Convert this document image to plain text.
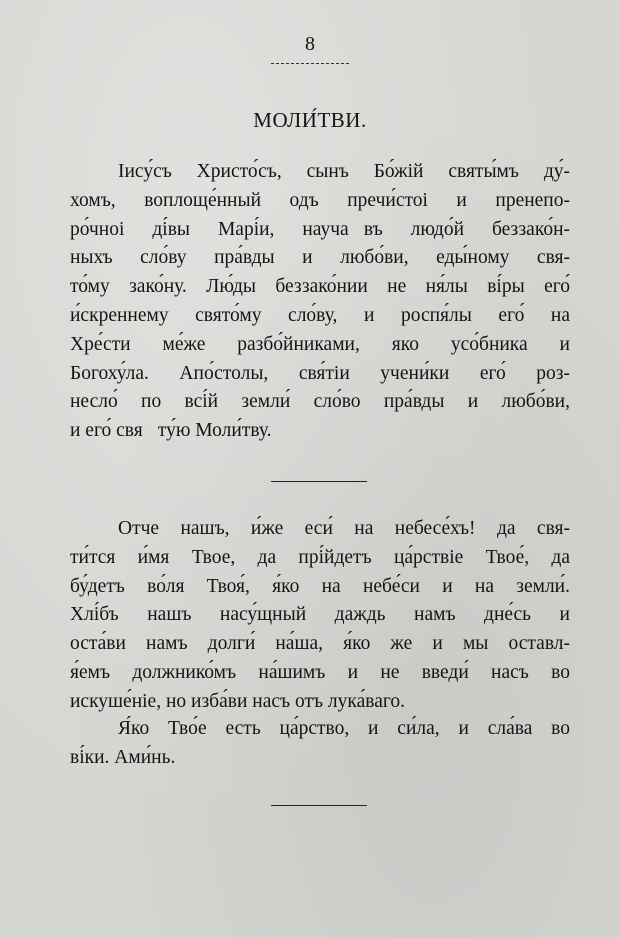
8
МОЛИ́ТВИ.
Іису́съ Христо́съ, сынъ Бо́жій святы́мъ ду́-
хомъ, воплоще́нный одъ пречи́стоі и пренепо-
ро́чноі ді́вы Марі́и, научаᷓвъ людо́й беззако́н-
ныхъ сло́ву пра́вды и любо́ви, еды́ному свя-
то́му зако́ну. Лю́ды беззако́нии не ня́лы ві́ры его́
и́скреннему свято́му сло́ву, и роспя́лы его́ на
Хре́сти ме́же разбо́йниками, яко усо́бника и
Богоху́ла. Апо́столы, свя́тіи учени́ки его́ роз-
несло́ по всі́й земли́ сло́во пра́вды и любо́ви,
и его́ свяᷓту́ю Моли́тву.
Отче нашъ, и́же еси́ на небесе́хъ! да свя-
ти́тся и́мя Твое, да прі́йдетъ ца́рствіе Твое́, да
бу́детъ во́ля Твоя́, я́ко на небе́си и на земли́.
Хлі́бъ нашъ насу́щный даждь намъ дне́сь и
оста́ви намъ долги́ на́ша, я́ко же и мы оставл-
я́емъ должнико́мъ на́шимъ и не введи́ насъ во
искуше́ніе, но изба́ви насъ отъ лука́ваго.
Я́ко Тво́е есть ца́рство, и си́ла, и сла́ва во
ві́ки. Ами́нь.
